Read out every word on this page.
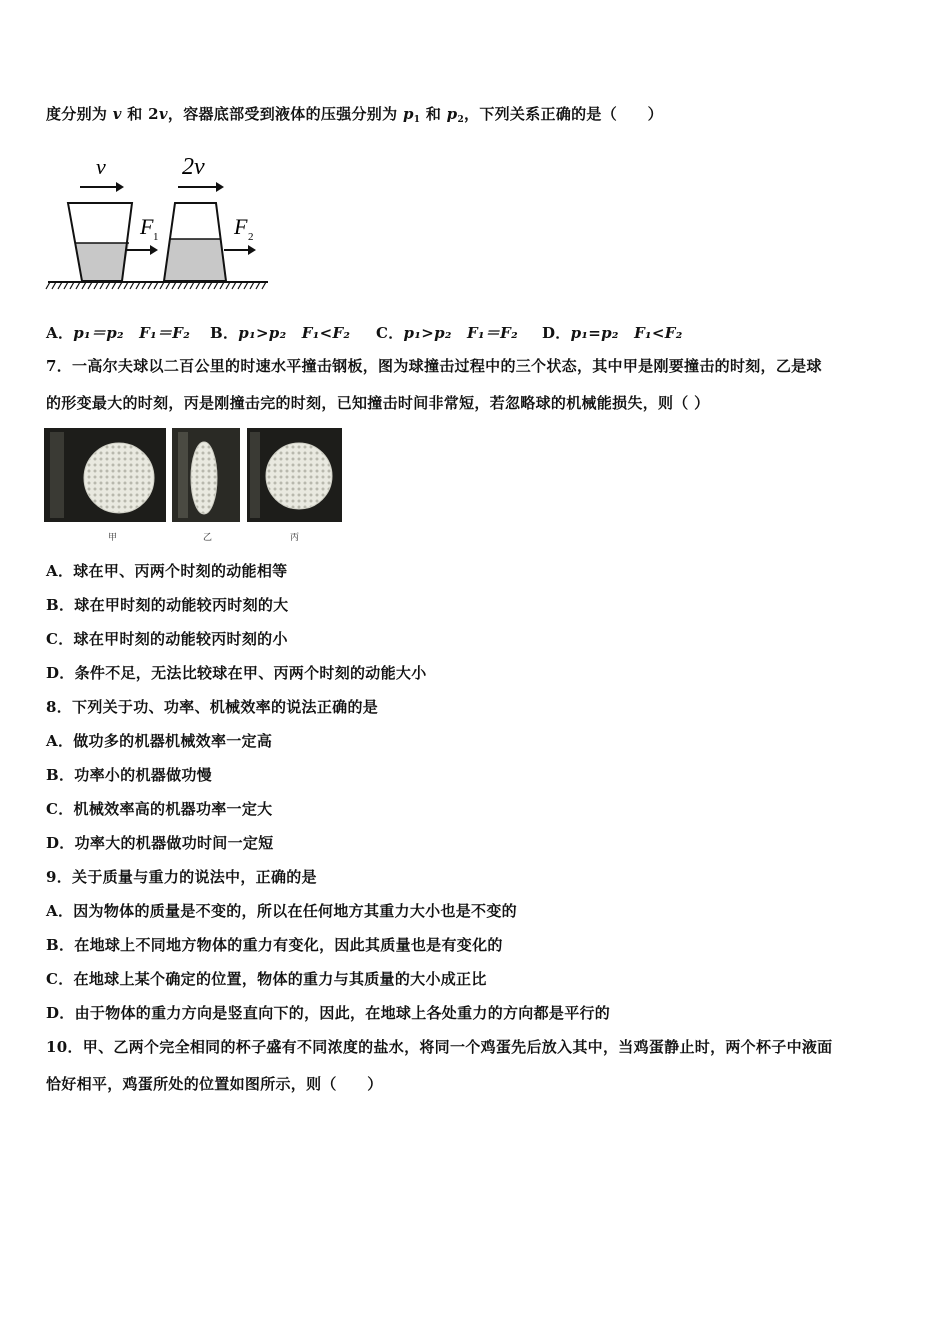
度分别为 v 和 2v，容器底部受到液体的压强分别为 $p_1$ 和 $p_2$，下列关系正确的是（　　）
v	2v
F 1	F 2
A．p₁＝p₂　F₁＝F₂ B．p₁>p₂　F₁<F₂ C．p₁>p₂　F₁＝F₂ D．p₁=p₂　F₁<F₂
7．一高尔夫球以二百公里的时速水平撞击钢板，图为球撞击过程中的三个状态，其中甲是刚要撞击的时刻，乙是球
的形变最大的时刻，丙是刚撞击完的时刻，已知撞击时间非常短，若忽略球的机械能损失，则（ ）
甲	乙	丙
A．球在甲、丙两个时刻的动能相等
B．球在甲时刻的动能较丙时刻的大
C．球在甲时刻的动能较丙时刻的小
D．条件不足，无法比较球在甲、丙两个时刻的动能大小
8．下列关于功、功率、机械效率的说法正确的是
A．做功多的机器机械效率一定高
B．功率小的机器做功慢
C．机械效率高的机器功率一定大
D．功率大的机器做功时间一定短
9．关于质量与重力的说法中，正确的是
A．因为物体的质量是不变的，所以在任何地方其重力大小也是不变的
B．在地球上不同地方物体的重力有变化，因此其质量也是有变化的
C．在地球上某个确定的位置，物体的重力与其质量的大小成正比
D．由于物体的重力方向是竖直向下的，因此，在地球上各处重力的方向都是平行的
10．甲、乙两个完全相同的杯子盛有不同浓度的盐水，将同一个鸡蛋先后放入其中，当鸡蛋静止时，两个杯子中液面
恰好相平，鸡蛋所处的位置如图所示，则（　　）
